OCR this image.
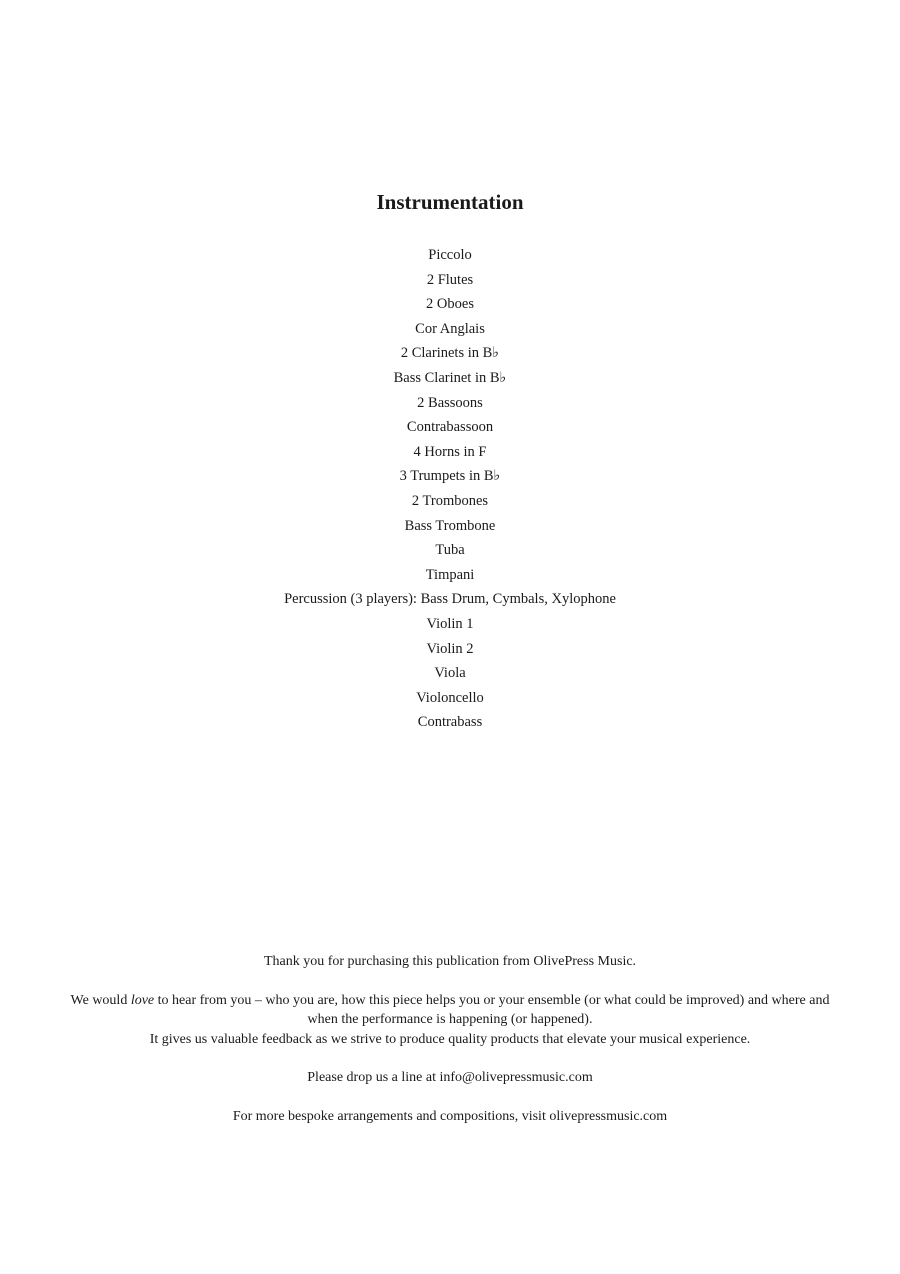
Instrumentation
Piccolo
2 Flutes
2 Oboes
Cor Anglais
2 Clarinets in B♭
Bass Clarinet in B♭
2 Bassoons
Contrabassoon
4 Horns in F
3 Trumpets in B♭
2 Trombones
Bass Trombone
Tuba
Timpani
Percussion (3 players): Bass Drum, Cymbals, Xylophone
Violin 1
Violin 2
Viola
Violoncello
Contrabass

Thank you for purchasing this publication from OlivePress Music.

We would love to hear from you – who you are, how this piece helps you or your ensemble (or what could be improved) and where and when the performance is happening (or happened).

It gives us valuable feedback as we strive to produce quality products that elevate your musical experience.

Please drop us a line at info@olivepressmusic.com

For more bespoke arrangements and compositions, visit olivepressmusic.com
